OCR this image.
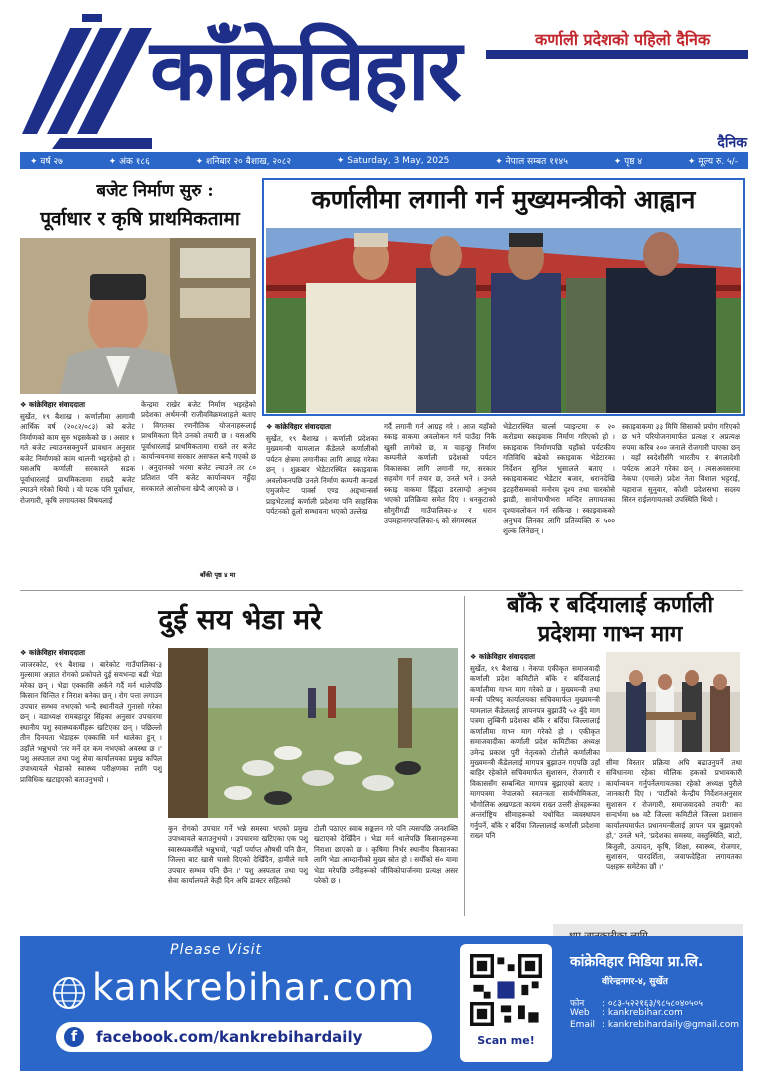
कांँक्रेविहार	कर्णाली प्रदेशको पहिलो दैनिक
दैनिक
✦ वर्ष २७	✦ अंक १८६	✦ शनिबार २० बैशाख, २०८२	✦ Saturday, 3 May, 2025	✦ नेपाल सम्बत ११४५	✦ पृष्ठ ४	✦ मूल्य रु. ५/-
बजेट निर्माण सुरु :
पूर्वाधार र कृषि प्राथमिकतामा
❖ कांक्रेविहार संवाददाता
सुर्खेत, १९ बैशाख । कर्णालीमा आगामी आर्थिक वर्ष (२०८२/०८३) को बजेट निर्माणको काम सुरु भइसकेको छ । असार १ गते बजेट ल्याउनसक्नुपर्ने प्रावधान अनुसार बजेट निर्माणको काम थालनी भइरहेको हो । यसअघि कर्णाली सरकारले सडक पूर्वाधारलाई प्राथमिकतामा राख्दै बजेट ल्याउने गरेको थियो । यो पटक पनि पूर्वाधार, रोजगारी, कृषि लगायतका विषयलाई
केन्द्रमा राखेर बजेट निर्माण भइरहेको प्रदेशका अर्थमन्त्री राजीवविक्रमशाहले बताए । विगतका रणनीतिक योजनाहरूलाई प्राथमिकता दिने उनको तयारी छ । यसअघि पूर्वाधारलाई प्राथमिकतामा राख्ने तर बजेट कार्यान्वयनमा सरकार असफल बन्दै गएको छ । अनुदानको भरमा बजेट ल्याउने तर ८० प्रतिशत पनि बजेट कार्यान्वयन नहुँदा सरकारले आलोचना खेप्दै आएको छ ।
बाँकी पृष्ठ ४ मा
कर्णालीमा लगानी गर्न मुख्यमन्त्रीको आह्वान
❖ कांक्रेविहार संवाददाता
सुर्खेत, १९ बैशाख । कर्णाली प्रदेशका मुख्यमन्त्री यामलाल कँडेलले कर्णालीको पर्यटन क्षेत्रमा लगानीका लागि आग्रह गरेका छन् । शुक्रबार भेडेटारस्थित स्काइवाक अवलोकनपछि उनले निर्माण कम्पनी कन्डर्स एमुजमेन्ट पार्क्स एण्ड अड्भान्सर्स प्राइभेटलाई कर्णाली प्रदेशमा पनि साहसिक पर्यटनको ठूलो सम्भावना भएको उल्लेख
गर्दै लगानी गर्न आग्रह गरे । आज यहाँको स्काइ वाकमा अवलोकन गर्न पाउँदा निकै खुसी लागेको छ, म चाहन्छु निर्माण कम्पनीले कर्णाली प्रदेशको पर्यटन विकासका लागि लगानी गर, सरकार सहयोग गर्न तयार छ, उनले भने । उनले स्काइ वाकमा हिँड्दा डरलाग्दो अनुभव भएको प्रतिक्रिया समेत दिए । धनकुटाको सौगुरीगढी गाउँपालिका-४ र धरान उपमहानगरपालिका-६ को संगमस्थल
भेडेटारस्थित चार्ल्स प्वाइन्टमा रु २० करोडमा स्काइवाक निर्माण गरिएको हो । स्काइवाक निर्माणपछि यहाँको पर्यटकीय गतिविधि बढेको स्काइवाक भेडेटारका निर्देशन सुनिल भुसालले बताए । स्काइवाकबाट भेडेटार बजार, धरानदेखि इटहरीसम्मको मनोरम दृश्य तथा चारकोसे झाडी, सानोपाथीभरा मन्दिर लगायतका दृश्यावलोकन गर्न सकिन्छ । स्काइवाकको अनुभव लिनका लागि प्रतिव्यक्ति रु ५०० शुल्क लिनेछन् ।
स्काइवाकमा ३३ मिमि सिसाको प्रयोग गरिएको छ भने परियोजनामार्फत प्रत्यक्ष र अप्रत्यक्ष रुपमा करिब २०० जनाले रोजगारी पाएका छन् । यहाँ स्वदेशीसँगै भारतीय र बंगलादेशी पर्यटक आउने गरेका छन् । त्यसअवसरमा नेकपा (एमाले) प्रदेश नेता विशाल भट्टराई, यहाराज सुनुवार, कोशी प्रदेशसभा सदस्य सिरन राईलगायतको उपस्थिति थियो ।
दुई सय भेडा मरे
❖ कांक्रेविहार संवाददाता
जाजरकोट, १९ बैशाख । बारेकोट गाउँपालिका-३ मुल्सामा अज्ञात रोगको प्रकोपले दुई सयभन्दा बढी भेडा मरेका छन् । भेडा एक्कासि अर्कने गर्दै मर्न थालेपछि किसान चिन्तित र निराश बनेका छन् । रोग पत्ता लगाउन उपचार सम्भव नभएको भन्दै स्थानीयले गुनासो गरेका छन् । वडाध्यक्ष रामबहादुर सिंहका अनुसार उपचारमा स्थानीय पशु स्वास्थ्यकर्मीहरू खटिएका छन् । पछिल्लो तीन दिनयता भेडाहरू एक्कासि मर्न थालेका हुन् । उहाँले भन्नुभयो 'तर मर्ने दर कम नभएको अवस्था छ ।' पशु अस्पताल तथा पशु सेवा कार्यालयका प्रमुख कपिल उपाध्यायले भेडाको स्वास्थ्य परीक्षणका लागि पशु प्राविधिक खटाइएको बताउनुभयो ।
कुन रोगको उपचार गर्ने भन्ने समस्या भएको प्रमुख उपाध्यायले बताउनुभयो । उपचारमा खटिएका एक पशु स्वास्थ्यकर्मीले भन्नुभयो, 'यहाँ पर्याप्त औषधी पनि छैन, जिल्ला बाट खासै चासो दिएको देखिँदैन, हामीले मात्रै उपचार सम्भव पनि छैन ।' पशु अस्पताल तथा पशु सेवा कार्यालयले केही दिन अघि डाक्टर सहितको
टोली पठाएर स्वाब सङ्कलन गरे पनि त्यसपछि जनशक्ति खटाएको देखिँदैन । भेडा मर्न थालेपछि किसानहरूमा निराशा छाएको छ । कृषिमा निर्भर स्थानीय किसानका लागि भेडा आम्दानीको मुख्य स्रोत हो । सयौँको सं० यामा भेडा मरेपछि उनीहरूको जीविकोपार्जनमा प्रत्यक्ष असर परेको छ ।
बाँके र बर्दियालाई कर्णाली
प्रदेशमा गाभ्न माग
❖ कांक्रेविहार संवाददाता
सुर्खेत, १९ बैशाख । नेकपा एकीकृत समाजवादी कर्णाली प्रदेश कमिटीले बाँके र बर्दियालाई कर्णालीमा गाभ्न माग गरेको छ । मुख्यमन्त्री तथा मन्त्री परिषद् कार्यालयका सचिवमार्फत मुख्यमन्त्री यामलाल कँडेललाई ज्ञापनपत्र बुझाउँदै ५२ बुँदे माग पत्रमा लुम्बिनी प्रदेशका बाँके र बर्दिया जिल्लालाई कर्णालीमा गाभ्न माग गरेको हो । एकीकृत समाजवादीका कर्णाली प्रदेश कमिटीका अध्यक्ष उमेन्द्र प्रकाश पुरी नेतृत्वको टोलीले कर्णालीका मुख्यमन्त्री कँडेललाई मागपत्र बुझाउन गएपछि उहाँ बाहिर रहेकोले सचिवमार्फत सुशासन, रोजगारी र विकाससँग सम्बन्धित मागपत्र बुझाएको बताए । मागपत्रमा नेपालको स्वतन्त्रता सार्वभौमिकता, भौगोलिक अखण्डता कायम राख्न उत्तरी क्षेत्रहरूका अन्तर्राष्ट्रिय सीमाहरूको यथोचित व्यवस्थापन गर्नुपर्ने, बाँके र बर्दिया जिल्लालाई कर्णाली प्रदेशमा राख्न पनि
सीमा विस्तार प्रक्रिया अघि बढाउनुपर्ने तथा संविधानमा रहेका मौलिक हकको प्रभावकारी कार्यान्वयन गर्नुपर्नेलगायतका रहेको अध्यक्ष पुरीले जानकारी दिए । 'पार्टीको केन्द्रीय निर्देशनअनुसार सुशासन र रोजगारी, समाजवादको तयारी' का सन्दर्भमा ७७ वटै जिल्ला कमिटीले जिल्ला प्रशासन कार्यालयमार्फत प्रधानमन्त्रीलाई ज्ञापन पत्र बुझाएको हो,' उनले भने, 'प्रदेशका समस्या, वस्तुस्थिति, बाटो, बिजुली, उत्पादन, कृषि, शिक्षा, स्वास्थ्य, रोजगार, सुशासन, पारदर्शिता, जवाफदेहिता लगायतका पक्षहरू समेटेका छौं ।'
Please Visit
kankrebihar.com
facebook.com/kankrebihardaily
f	Scan me!
कांक्रेविहार मिडिया प्रा.लि.
वीरेन्द्रनगर-४, सुर्खेत
फोन : ०८३-५२२१६३/९८५८०४०५०५
Web : kankrebihar.com
Email : kankrebihardaily@gmail.com
